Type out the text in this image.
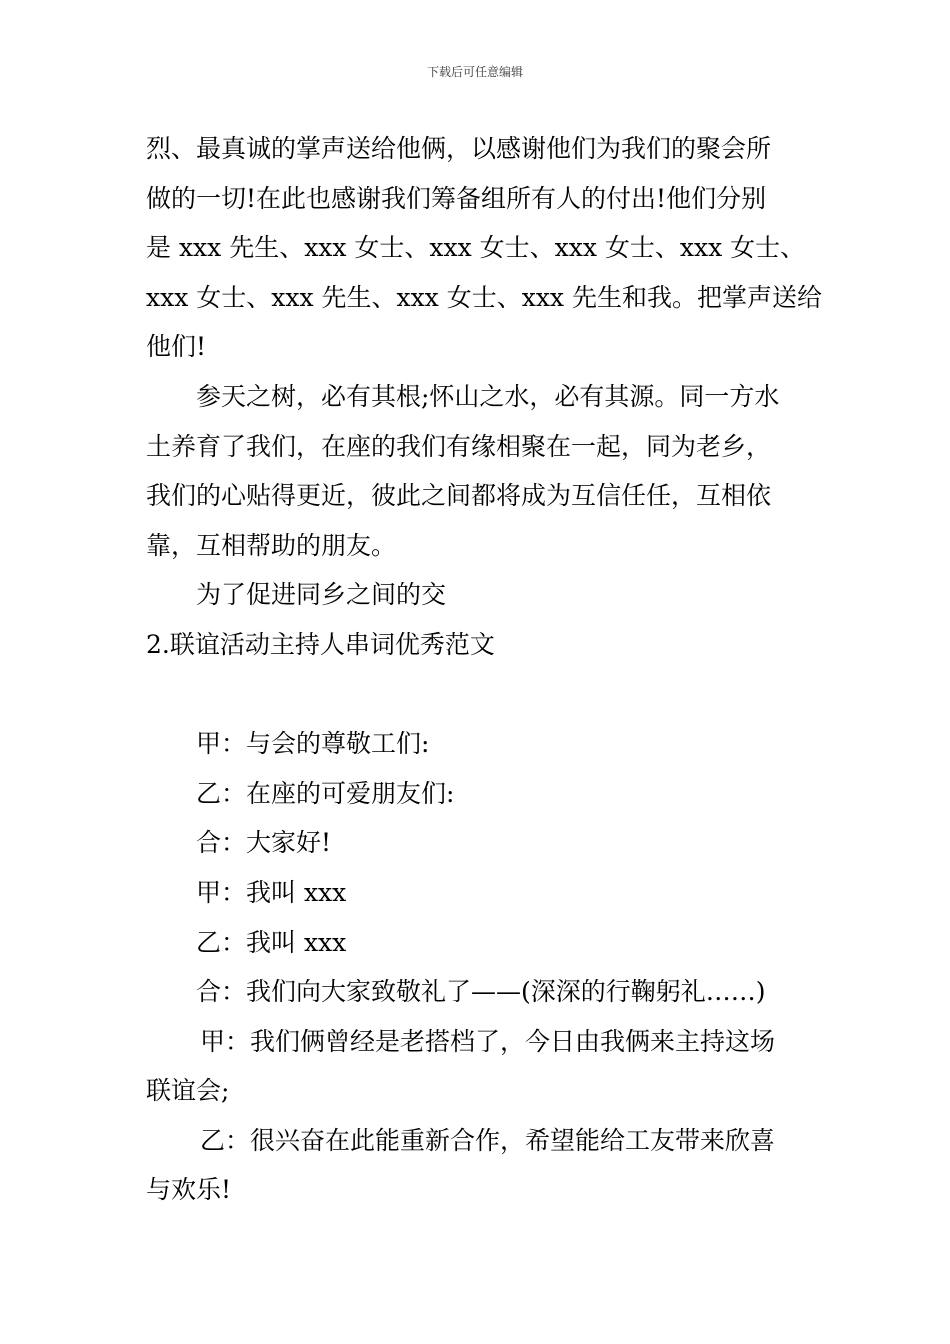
下载后可任意编辑
烈、最真诚的掌声送给他俩，以感谢他们为我们的聚会所
做的一切!在此也感谢我们筹备组所有人的付出!他们分别
是 xxx 先生、xxx 女士、xxx 女士、xxx 女士、xxx 女士、
xxx 女士、xxx 先生、xxx 女士、xxx 先生和我。把掌声送给
他们!
参天之树，必有其根;怀山之水，必有其源。同一方水
土养育了我们，在座的我们有缘相聚在一起，同为老乡，
我们的心贴得更近，彼此之间都将成为互信任任，互相依
靠，互相帮助的朋友。
为了促进同乡之间的交
2.联谊活动主持人串词优秀范文
甲：与会的尊敬工们:
乙：在座的可爱朋友们:
合：大家好!
甲：我叫 xxx
乙：我叫 xxx
合：我们向大家致敬礼了——(深深的行鞠躬礼……)
甲：我们俩曾经是老搭档了，今日由我俩来主持这场
联谊会;
乙：很兴奋在此能重新合作，希望能给工友带来欣喜
与欢乐!
